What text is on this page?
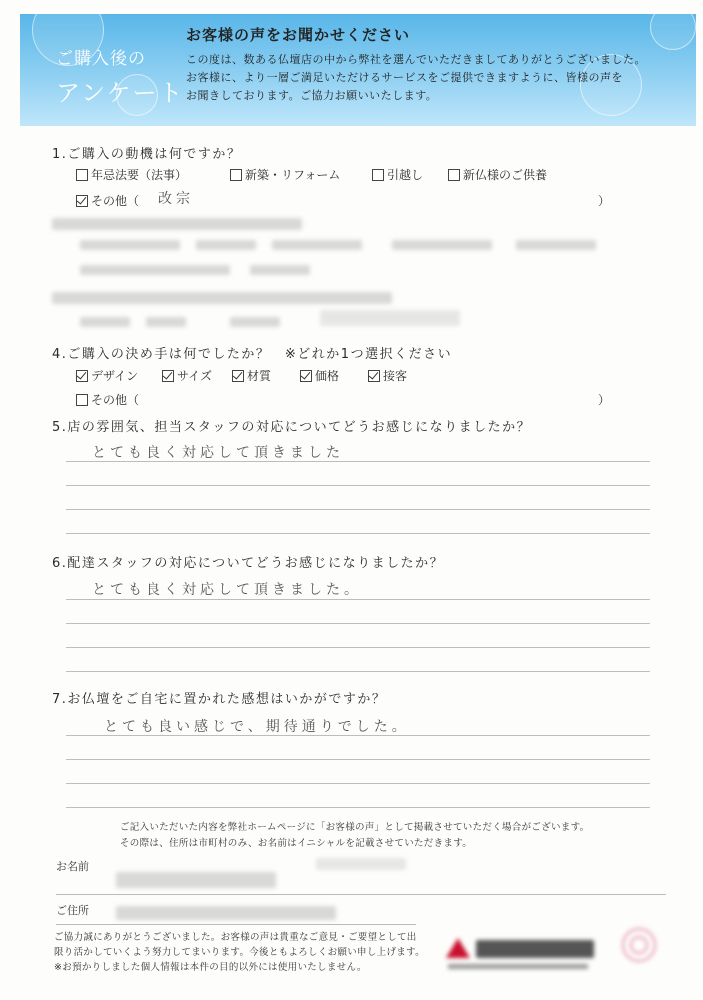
ご購入後の
アンケート
お客様の声をお聞かせください
この度は、数ある仏壇店の中から弊社を選んでいただきましてありがとうございました。
お客様に、より一層ご満足いただけるサービスをご提供できますように、皆様の声を
お聞きしております。ご協力お願いいたします。
1.ご購入の動機は何ですか？
年忌法要（法事）	新築・リフォーム	引越し	新仏様のご供養
その他（ 改宗	）
4.ご購入の決め手は何でしたか？　※どれか1つ選択ください
デザイン	サイズ	材質	価格	接客
その他（	）
5.店の雰囲気、担当スタッフの対応についてどうお感じになりましたか？
とても良く対応して頂きました
6.配達スタッフの対応についてどうお感じになりましたか？
とても良く対応して頂きました。
7.お仏壇をご自宅に置かれた感想はいかがですか？
とても良い感じで、期待通りでした。
ご記入いただいた内容を弊社ホームページに「お客様の声」として掲載させていただく場合がございます。
その際は、住所は市町村のみ、お名前はイニシャルを記載させていただきます。
お名前
ご住所
ご協力誠にありがとうございました。お客様の声は貴重なご意見・ご要望として出
限り活かしていくよう努力してまいります。今後ともよろしくお願い申し上げます。
※お預かりしました個人情報は本件の目的以外には使用いたしません。
